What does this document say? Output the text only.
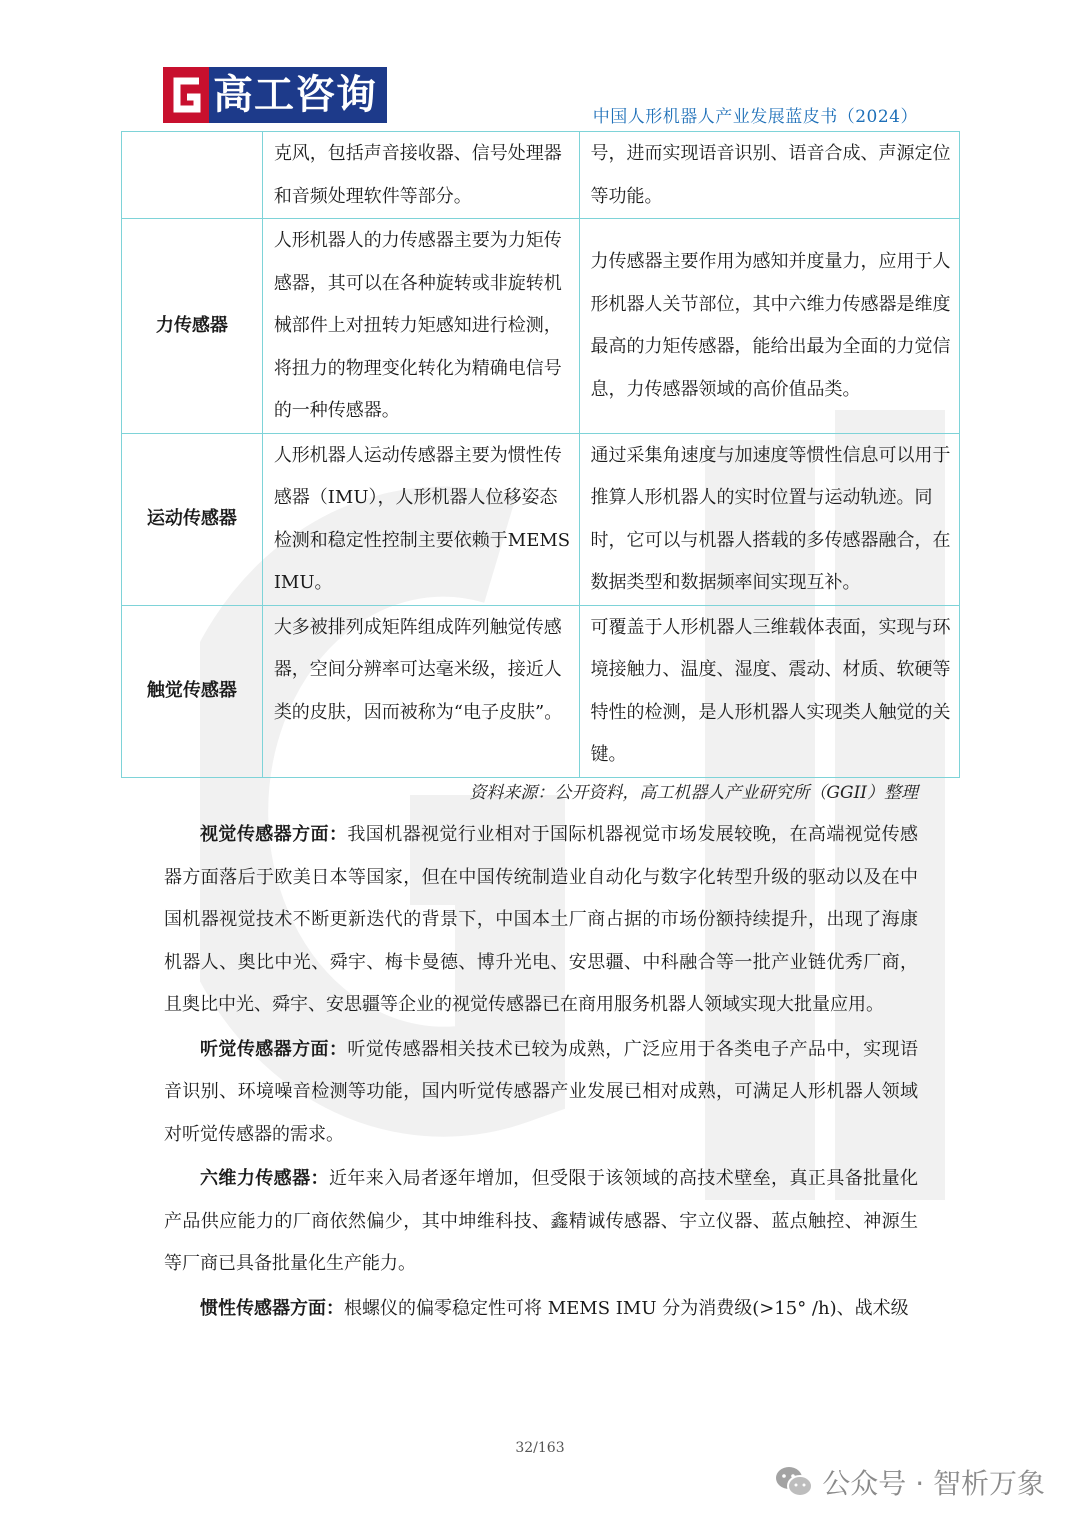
高工咨询	中国人形机器人产业发展蓝皮书（2024）
	克风，包括声音接收器、信号处理器和音频处理软件等部分。	号，进而实现语音识别、语音合成、声源定位等功能。
力传感器	人形机器人的力传感器主要为力矩传感器，其可以在各种旋转或非旋转机械部件上对扭转力矩感知进行检测，将扭力的物理变化转化为精确电信号的一种传感器。	力传感器主要作用为感知并度量力，应用于人形机器人关节部位，其中六维力传感器是维度最高的力矩传感器，能给出最为全面的力觉信息，力传感器领域的高价值品类。
运动传感器	人形机器人运动传感器主要为惯性传感器（IMU），人形机器人位移姿态检测和稳定性控制主要依赖于MEMS IMU。	通过采集角速度与加速度等惯性信息可以用于推算人形机器人的实时位置与运动轨迹。同时，它可以与机器人搭载的多传感器融合，在数据类型和数据频率间实现互补。
触觉传感器	大多被排列成矩阵组成阵列触觉传感器，空间分辨率可达毫米级，接近人类的皮肤，因而被称为“电子皮肤”。	可覆盖于人形机器人三维载体表面，实现与环境接触力、温度、湿度、震动、材质、软硬等特性的检测，是人形机器人实现类人触觉的关键。
资料来源：公开资料，高工机器人产业研究所（GGII）整理

视觉传感器方面：我国机器视觉行业相对于国际机器视觉市场发展较晚，在高端视觉传感器方面落后于欧美日本等国家，但在中国传统制造业自动化与数字化转型升级的驱动以及在中国机器视觉技术不断更新迭代的背景下，中国本土厂商占据的市场份额持续提升，出现了海康机器人、奥比中光、舜宇、梅卡曼德、博升光电、安思疆、中科融合等一批产业链优秀厂商，且奥比中光、舜宇、安思疆等企业的视觉传感器已在商用服务机器人领域实现大批量应用。

听觉传感器方面：听觉传感器相关技术已较为成熟，广泛应用于各类电子产品中，实现语音识别、环境噪音检测等功能，国内听觉传感器产业发展已相对成熟，可满足人形机器人领域对听觉传感器的需求。

六维力传感器：近年来入局者逐年增加，但受限于该领域的高技术壁垒，真正具备批量化产品供应能力的厂商依然偏少，其中坤维科技、鑫精诚传感器、宇立仪器、蓝点触控、神源生等厂商已具备批量化生产能力。

惯性传感器方面：根螺仪的偏零稳定性可将 MEMS IMU 分为消费级(>15° /h)、战术级

32/163
公众号 · 智析万象
